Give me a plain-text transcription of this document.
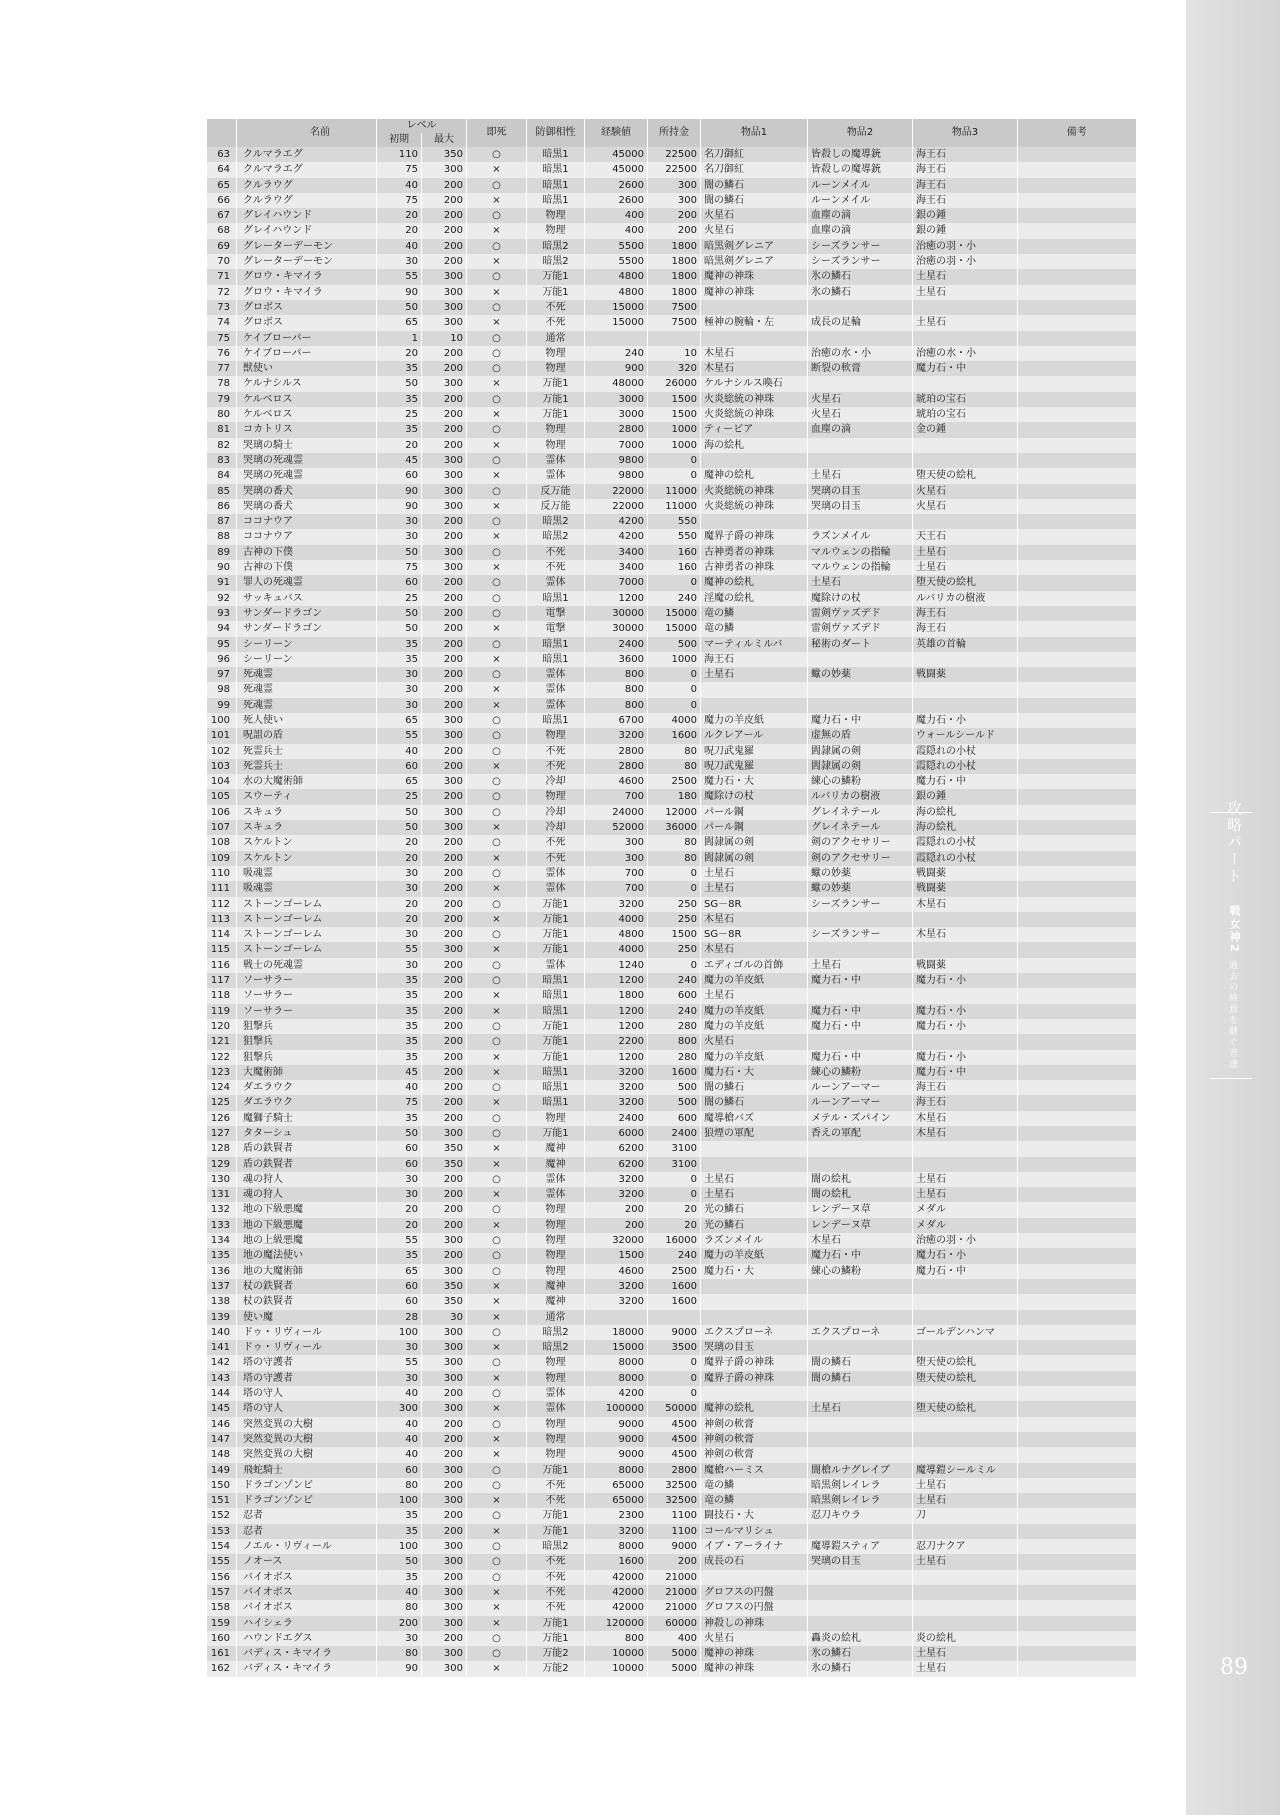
	名前	レベル		即死	防御相性	経験値	所持金	物品1	物品2	物品3	備考
		初期	最大								
63	クルマラエグ	110	350	○	暗黒1	45000	22500	名刀御紅	皆殺しの魔導銃	海王石	
64	クルマラエグ	75	300	×	暗黒1	45000	22500	名刀御紅	皆殺しの魔導銃	海王石	
65	クルラウグ	40	200	○	暗黒1	2600	300	闇の鱗石	ルーンメイル	海王石	
66	クルラウグ	75	200	×	暗黒1	2600	300	闇の鱗石	ルーンメイル	海王石	
67	グレイハウンド	20	200	○	物理	400	200	火星石	血塵の滴	銀の鍾	
68	グレイハウンド	20	200	×	物理	400	200	火星石	血塵の滴	銀の鍾	
69	グレーターデーモン	40	200	○	暗黒2	5500	1800	暗黒剣グレニア	シーズランサー	治癒の羽・小	
70	グレーターデーモン	30	200	×	暗黒2	5500	1800	暗黒剣グレニア	シーズランサー	治癒の羽・小	
71	グロウ・キマイラ	55	300	○	万能1	4800	1800	魔神の神珠	氷の鱗石	土星石	
72	グロウ・キマイラ	90	300	×	万能1	4800	1800	魔神の神珠	氷の鱗石	土星石	
73	グロボス	50	300	○	不死	15000	7500				
74	グロボス	65	300	×	不死	15000	7500	極神の腕輪・左	成長の足輪	土星石	
75	ケイブローパー	1	10	○	通常						
76	ケイブローパー	20	200	○	物理	240	10	木星石	治癒の水・小	治癒の水・小	
77	獣使い	35	200	○	物理	900	320	木星石	断裂の軟膏	魔力石・中	
78	ケルナシルス	50	300	×	万能1	48000	26000	ケルナシルス喚石			
79	ケルベロス	35	200	○	万能1	3000	1500	火炎総統の神珠	火星石	琥珀の宝石	
80	ケルベロス	25	200	×	万能1	3000	1500	火炎総統の神珠	火星石	琥珀の宝石	
81	コカトリス	35	200	○	物理	2800	1000	ティービア	血塵の滴	金の鍾	
82	哭璃の騎士	20	200	×	物理	7000	1000	海の絵札			
83	哭璃の死魂霊	45	300	○	霊体	9800	0				
84	哭璃の死魂霊	60	300	×	霊体	9800	0	魔神の絵札	土星石	堕天使の絵札	
85	哭璃の番犬	90	300	○	反万能	22000	11000	火炎総統の神珠	哭璃の目玉	火星石	
86	哭璃の番犬	90	300	×	反万能	22000	11000	火炎総統の神珠	哭璃の目玉	火星石	
87	ココナウア	30	200	○	暗黒2	4200	550				
88	ココナウア	30	200	×	暗黒2	4200	550	魔界子爵の神珠	ラズンメイル	天王石	
89	古神の下僕	50	300	○	不死	3400	160	古神勇者の神珠	マルウェンの指輪	土星石	
90	古神の下僕	75	300	×	不死	3400	160	古神勇者の神珠	マルウェンの指輪	土星石	
91	罪人の死魂霊	60	200	○	霊体	7000	0	魔神の絵札	土星石	堕天使の絵札	
92	サッキュバス	25	200	○	暗黒1	1200	240	淫魔の絵札	魔除けの杖	ルバリカの樹液	
93	サンダードラゴン	50	200	○	電撃	30000	15000	竜の鱗	雷剣ヴァズデド	海王石	
94	サンダードラゴン	50	200	×	電撃	30000	15000	竜の鱗	雷剣ヴァズデド	海王石	
95	シーリーン	35	200	○	暗黒1	2400	500	マーティルミルバ	秘術のダート	英雄の首輪	
96	シーリーン	35	200	×	暗黒1	3600	1000	海王石			
97	死魂霊	30	200	○	霊体	800	0	土星石	蠍の妙薬	戦闘薬	
98	死魂霊	30	200	×	霊体	800	0				
99	死魂霊	30	200	×	霊体	800	0				
100	死人使い	65	300	○	暗黒1	6700	4000	魔力の羊皮紙	魔力石・中	魔力石・小	
101	呪詛の盾	55	300	○	物理	3200	1600	ルクレアール	虚無の盾	ウォールシールド	
102	死霊兵士	40	200	○	不死	2800	80	呪刀武鬼羅	閻隷属の剣	霞隠れの小杖	
103	死霊兵士	60	200	×	不死	2800	80	呪刀武鬼羅	閻隷属の剣	霞隠れの小杖	
104	水の大魔術師	65	300	○	冷却	4600	2500	魔力石・大	練心の鱗粉	魔力石・中	
105	スウーティ	25	200	○	物理	700	180	魔除けの杖	ルバリカの樹液	銀の鍾	
106	スキュラ	50	300	○	冷却	24000	12000	パール鋼	グレイネテール	海の絵札	
107	スキュラ	50	300	×	冷却	52000	36000	パール鋼	グレイネテール	海の絵札	
108	スケルトン	20	200	○	不死	300	80	閻隷属の剣	剣のアクセサリー	霞隠れの小杖	
109	スケルトン	20	200	×	不死	300	80	閻隷属の剣	剣のアクセサリー	霞隠れの小杖	
110	吸魂霊	30	200	○	霊体	700	0	土星石	蠍の妙薬	戦闘薬	
111	吸魂霊	30	200	×	霊体	700	0	土星石	蠍の妙薬	戦闘薬	
112	ストーンゴーレム	20	200	○	万能1	3200	250	SG－8R	シーズランサー	木星石	
113	ストーンゴーレム	20	200	×	万能1	4000	250	木星石			
114	ストーンゴーレム	30	200	○	万能1	4800	1500	SG－8R	シーズランサー	木星石	
115	ストーンゴーレム	55	300	×	万能1	4000	250	木星石			
116	戦士の死魂霊	30	200	○	霊体	1240	0	エディゴルの首飾	土星石	戦闘薬	
117	ソーサラー	35	200	○	暗黒1	1200	240	魔力の羊皮紙	魔力石・中	魔力石・小	
118	ソーサラー	35	200	×	暗黒1	1800	600	土星石			
119	ソーサラー	35	200	×	暗黒1	1200	240	魔力の羊皮紙	魔力石・中	魔力石・小	
120	狙撃兵	35	200	○	万能1	1200	280	魔力の羊皮紙	魔力石・中	魔力石・小	
121	狙撃兵	35	200	○	万能1	2200	800	火星石			
122	狙撃兵	35	200	×	万能1	1200	280	魔力の羊皮紙	魔力石・中	魔力石・小	
123	大魔術師	45	200	×	暗黒1	3200	1600	魔力石・大	練心の鱗粉	魔力石・中	
124	ダエラウク	40	200	○	暗黒1	3200	500	闇の鱗石	ルーンアーマー	海王石	
125	ダエラウク	75	200	×	暗黒1	3200	500	闇の鱗石	ルーンアーマー	海王石	
126	魔獅子騎士	35	200	○	物理	2400	600	魔導槍バズ	メテル・ズパイン	木星石	
127	タターシュ	50	300	○	万能1	6000	2400	狼煙の軍配	香えの軍配	木星石	
128	盾の鉄賢者	60	350	×	魔神	6200	3100				
129	盾の鉄賢者	60	350	×	魔神	6200	3100				
130	魂の狩人	30	200	○	霊体	3200	0	土星石	闇の絵札	土星石	
131	魂の狩人	30	200	×	霊体	3200	0	土星石	闇の絵札	土星石	
132	地の下級悪魔	20	200	○	物理	200	20	光の鱗石	レンデーヌ草	メダル	
133	地の下級悪魔	20	200	×	物理	200	20	光の鱗石	レンデーヌ草	メダル	
134	地の上級悪魔	55	300	○	物理	32000	16000	ラズンメイル	木星石	治癒の羽・小	
135	地の魔法使い	35	200	○	物理	1500	240	魔力の羊皮紙	魔力石・中	魔力石・小	
136	地の大魔術師	65	300	○	物理	4600	2500	魔力石・大	練心の鱗粉	魔力石・中	
137	杖の鉄賢者	60	350	×	魔神	3200	1600				
138	杖の鉄賢者	60	350	×	魔神	3200	1600				
139	使い魔	28	30	×	通常						
140	ドゥ・リヴィール	100	300	○	暗黒2	18000	9000	エクスプローネ	エクスプローネ	ゴールデンハンマ	
141	ドゥ・リヴィール	30	300	×	暗黒2	15000	3500	哭璃の目玉			
142	塔の守護者	55	300	○	物理	8000	0	魔界子爵の神珠	闇の鱗石	堕天使の絵札	
143	塔の守護者	30	300	×	物理	8000	0	魔界子爵の神珠	闇の鱗石	堕天使の絵札	
144	塔の守人	40	200	○	霊体	4200	0				
145	塔の守人	300	300	×	霊体	100000	50000	魔神の絵札	土星石	堕天使の絵札	
146	突然変異の大樹	40	200	○	物理	9000	4500	神剣の軟膏			
147	突然変異の大樹	40	200	×	物理	9000	4500	神剣の軟膏			
148	突然変異の大樹	40	200	×	物理	9000	4500	神剣の軟膏			
149	飛蛇騎士	60	300	○	万能1	8000	2800	魔槍ハーミス	闇槍ルナグレイブ	魔導鎧シールミル	
150	ドラゴンゾンビ	80	200	○	不死	65000	32500	竜の鱗	暗黒剣レイレラ	土星石	
151	ドラゴンゾンビ	100	300	×	不死	65000	32500	竜の鱗	暗黒剣レイレラ	土星石	
152	忍者	35	200	○	万能1	2300	1100	闘技石・大	忍刀キウラ	刀	
153	忍者	35	200	×	万能1	3200	1100	コールマリシュ			
154	ノエル・リヴィール	100	300	○	暗黒2	8000	9000	イブ・アーライナ	魔導鎧スティア	忍刀ナクア	
155	ノオース	50	300	○	不死	1600	200	成長の石	哭璃の目玉	土星石	
156	バイオボス	35	200	○	不死	42000	21000				
157	バイオボス	40	300	×	不死	42000	21000	グロフスの円盤			
158	バイオボス	80	300	×	不死	42000	21000	グロフスの円盤			
159	ハイシェラ	200	300	×	万能1	120000	60000	神殺しの神珠			
160	ハウンドエグス	30	200	○	万能1	800	400	火星石	轟炎の絵札	炎の絵札	
161	バディス・キマイラ	80	300	○	万能2	10000	5000	魔神の神珠	氷の鱗石	土星石	
162	バディス・キマイラ	90	300	×	万能2	10000	5000	魔神の神珠	氷の鱗石	土星石	
攻略パート
戦女神2
過去の終焉を継ぐ者達
89
